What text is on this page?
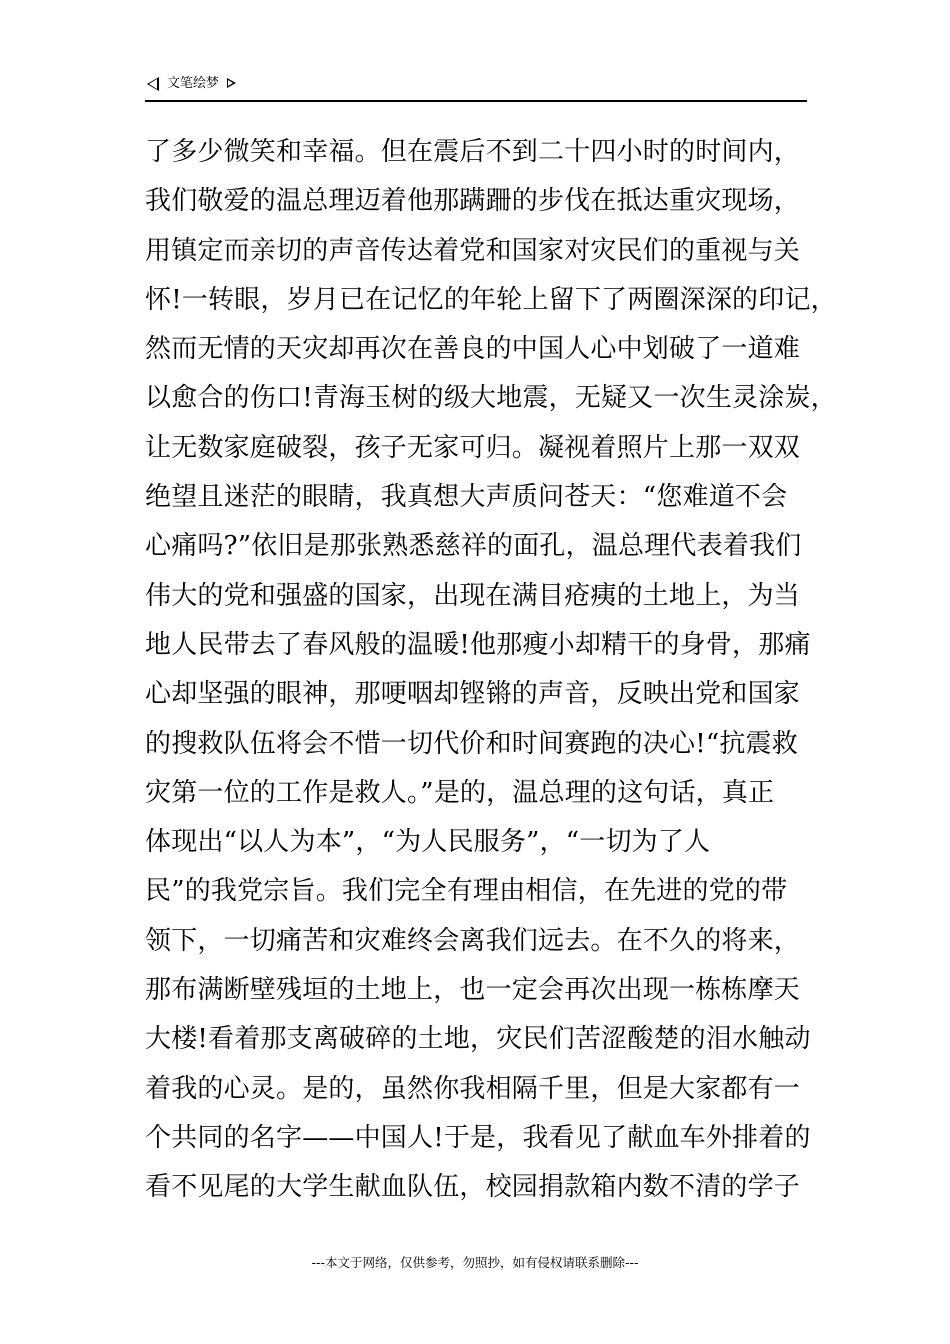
文笔绘梦
了多少微笑和幸福。但在震后不到二十四小时的时间内，
我们敬爱的温总理迈着他那蹒跚的步伐在抵达重灾现场，
用镇定而亲切的声音传达着党和国家对灾民们的重视与关
怀!一转眼，岁月已在记忆的年轮上留下了两圈深深的印记，
然而无情的天灾却再次在善良的中国人心中划破了一道难
以愈合的伤口!青海玉树的级大地震，无疑又一次生灵涂炭，
让无数家庭破裂，孩子无家可归。凝视着照片上那一双双
绝望且迷茫的眼睛，我真想大声质问苍天：“您难道不会
心痛吗?”依旧是那张熟悉慈祥的面孔，温总理代表着我们
伟大的党和强盛的国家，出现在满目疮痍的土地上，为当
地人民带去了春风般的温暖!他那瘦小却精干的身骨，那痛
心却坚强的眼神，那哽咽却铿锵的声音，反映出党和国家
的搜救队伍将会不惜一切代价和时间赛跑的决心!“抗震救
灾第一位的工作是救人。”是的，温总理的这句话，真正
体现出“以人为本”，“为人民服务”，“一切为了人
民”的我党宗旨。我们完全有理由相信，在先进的党的带
领下，一切痛苦和灾难终会离我们远去。在不久的将来，
那布满断壁残垣的土地上，也一定会再次出现一栋栋摩天
大楼!看着那支离破碎的土地，灾民们苦涩酸楚的泪水触动
着我的心灵。是的，虽然你我相隔千里，但是大家都有一
个共同的名字——中国人!于是，我看见了献血车外排着的
看不见尾的大学生献血队伍，校园捐款箱内数不清的学子
---本文于网络，仅供参考，勿照抄，如有侵权请联系删除---
